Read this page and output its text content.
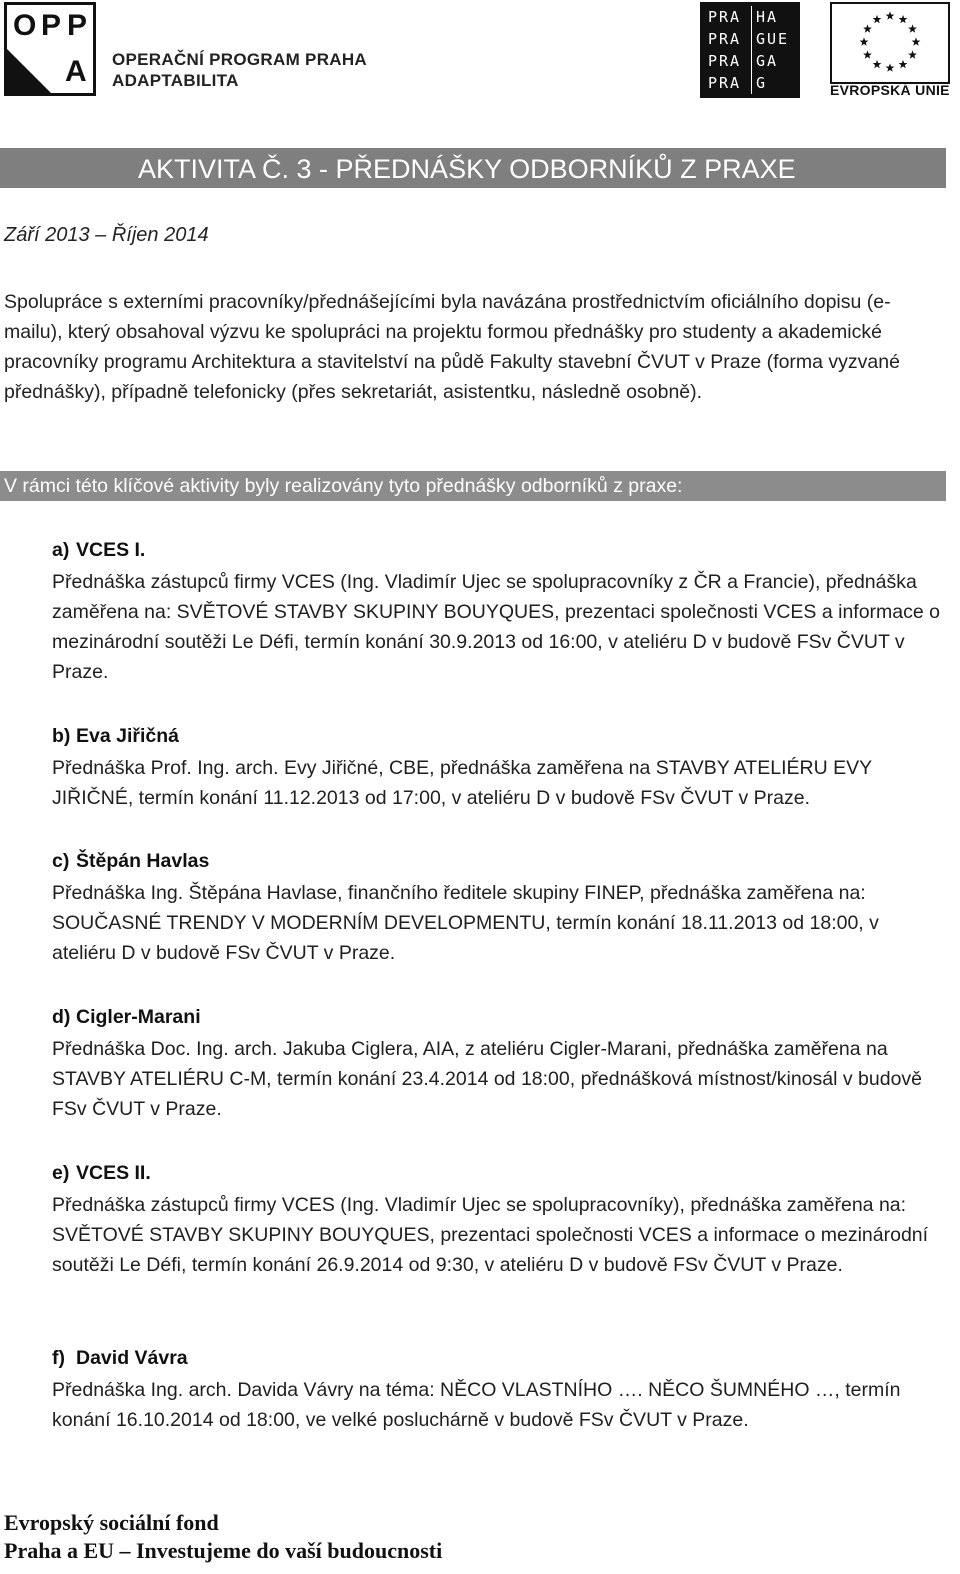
O P P
A OPERAČNÍ PROGRAM PRAHA
ADAPTABILITA
PRA HA
PRA GUE
PRA GA
PRA G	EVROPSKÁ UNIE
AKTIVITA Č. 3 - PŘEDNÁŠKY ODBORNÍKŮ Z PRAXE
Září 2013 – Říjen 2014
Spolupráce s externími pracovníky/přednášejícími byla navázána prostřednictvím oficiálního dopisu (e-mailu), který obsahoval výzvu ke spolupráci na projektu formou přednášky pro studenty a akademické pracovníky programu Architektura a stavitelství na půdě Fakulty stavební ČVUT v Praze (forma vyzvané přednášky), případně telefonicky (přes sekretariát, asistentku, následně osobně).
V rámci této klíčové aktivity byly realizovány tyto přednášky odborníků z praxe:
a) VCES I.
Přednáška zástupců firmy VCES (Ing. Vladimír Ujec se spolupracovníky z ČR a Francie), přednáška zaměřena na: SVĚTOVÉ STAVBY SKUPINY BOUYQUES, prezentaci společnosti VCES a informace o mezinárodní soutěži Le Défi, termín konání 30.9.2013 od 16:00, v ateliéru D v budově FSv ČVUT v Praze.
b) Eva Jiřičná
Přednáška Prof. Ing. arch. Evy Jiřičné, CBE, přednáška zaměřena na STAVBY ATELIÉRU EVY JIŘIČNÉ, termín konání 11.12.2013 od 17:00, v ateliéru D v budově FSv ČVUT v Praze.
c) Štěpán Havlas
Přednáška Ing. Štěpána Havlase, finančního ředitele skupiny FINEP, přednáška zaměřena na: SOUČASNÉ TRENDY V MODERNÍM DEVELOPMENTU, termín konání 18.11.2013 od 18:00, v ateliéru D v budově FSv ČVUT v Praze.
d) Cigler-Marani
Přednáška Doc. Ing. arch. Jakuba Ciglera, AIA, z ateliéru Cigler-Marani, přednáška zaměřena na STAVBY ATELIÉRU C-M, termín konání 23.4.2014 od 18:00, přednášková místnost/kinosál v budově FSv ČVUT v Praze.
e) VCES II.
Přednáška zástupců firmy VCES (Ing. Vladimír Ujec se spolupracovníky), přednáška zaměřena na: SVĚTOVÉ STAVBY SKUPINY BOUYQUES, prezentaci společnosti VCES a informace o mezinárodní soutěži Le Défi, termín konání 26.9.2014 od 9:30, v ateliéru D v budově FSv ČVUT v Praze.
f) David Vávra
Přednáška Ing. arch. Davida Vávry na téma: NĚCO VLASTNÍHO …. NĚCO ŠUMNÉHO …, termín konání 16.10.2014 od 18:00, ve velké posluchárně v budově FSv ČVUT v Praze.
Evropský sociální fond
Praha a EU – Investujeme do vaší budoucnosti
